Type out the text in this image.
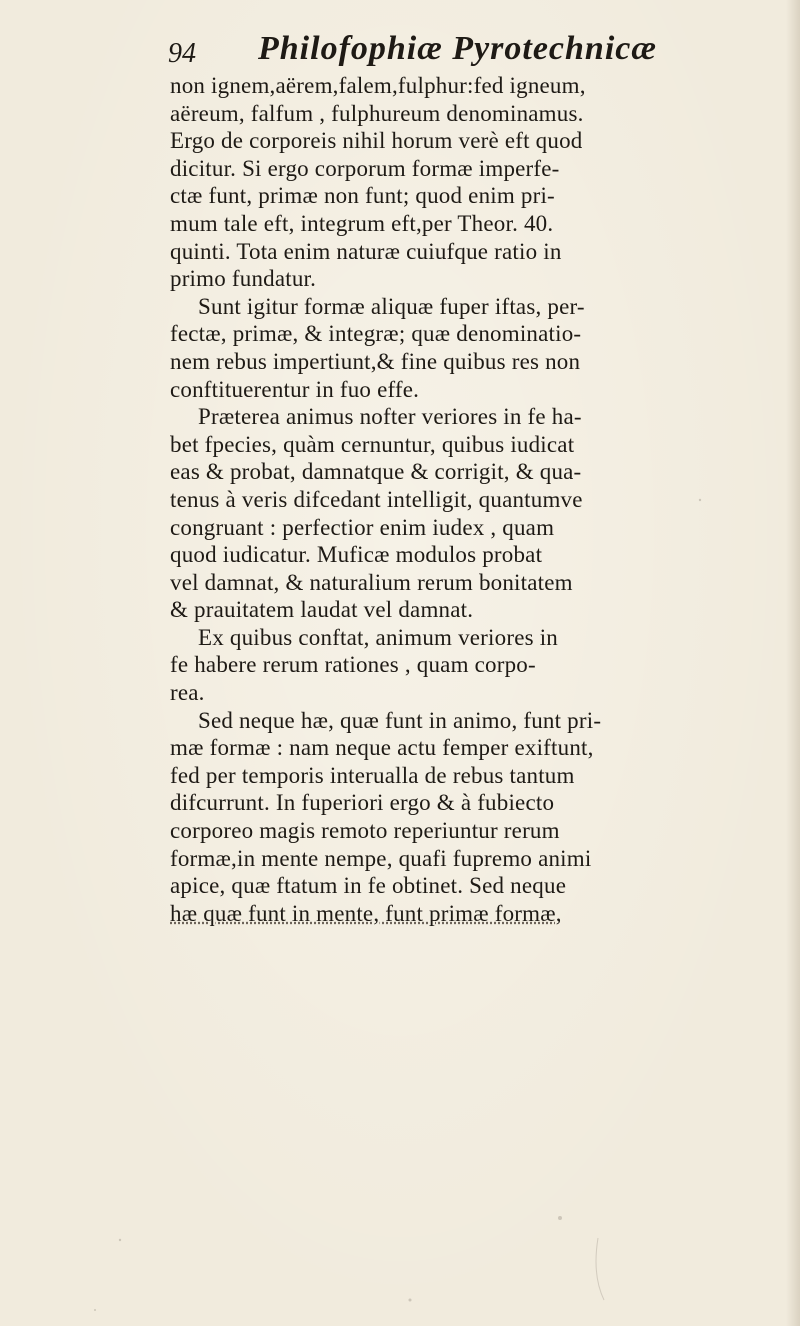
94 Philofophiæ Pyrotechnicæ
non ignem,aërem,falem,fulphur:fed igneum,
aëreum, falfum , fulphureum denominamus.
Ergo de corporeis nihil horum verè eft quod
dicitur. Si ergo corporum formæ imperfe-
ctæ funt, primæ non funt; quod enim pri-
mum tale eft, integrum eft,per Theor. 40.
quinti. Tota enim naturæ cuiufque ratio in
primo fundatur.
Sunt igitur formæ aliquæ fuper iftas, per-
fectæ, primæ, & integræ; quæ denominatio-
nem rebus impertiunt,& fine quibus res non
conftituerentur in fuo effe.
Præterea animus nofter veriores in fe ha-
bet fpecies, quàm cernuntur, quibus iudicat
eas & probat, damnatque & corrigit, & qua-
tenus à veris difcedant intelligit, quantumve
congruant : perfectior enim iudex , quam
quod iudicatur. Muficæ modulos probat
vel damnat, & naturalium rerum bonitatem
& prauitatem laudat vel damnat.
Ex quibus conftat, animum veriores in
fe habere rerum rationes , quam corpo-
rea.
Sed neque hæ, quæ funt in animo, funt pri-
mæ formæ : nam neque actu femper exiftunt,
fed per temporis interualla de rebus tantum
difcurrunt. In fuperiori ergo & à fubiecto
corporeo magis remoto reperiuntur rerum
formæ,in mente nempe, quafi fupremo animi
apice, quæ ftatum in fe obtinet. Sed neque
hæ quæ funt in mente, funt primæ formæ,
